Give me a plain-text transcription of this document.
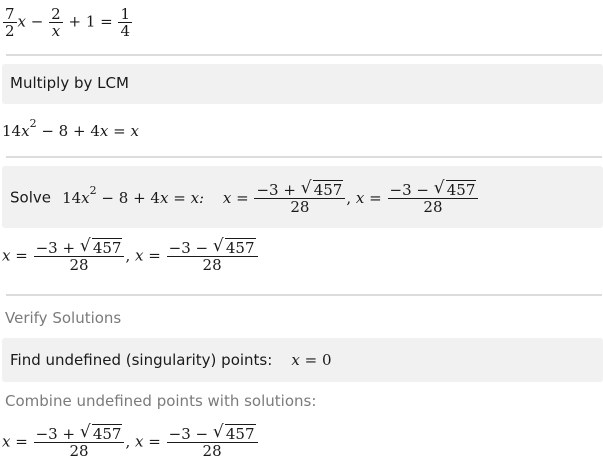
$\frac{7}{2}$ $x - \frac{2}{x} + 1 = \frac{1}{4}$
Multiply by LCM
$14x^2 - 8 + 4x = x$
Solve $14x^2 - 8 + 4x = x$: $x = \frac{-3 + √ 457}{28}$ , $x = \frac{-3 - √ 457}{28}$
$x = \frac{-3 + √ 457}{28}$ , $x = \frac{-3 - √ 457}{28}$
Verify Solutions
Find undefined (singularity) points: x = 0
Combine undefined points with solutions:
$x = \frac{-3 + √ 457}{28}$ , $x = \frac{-3 - √ 457}{28}$
